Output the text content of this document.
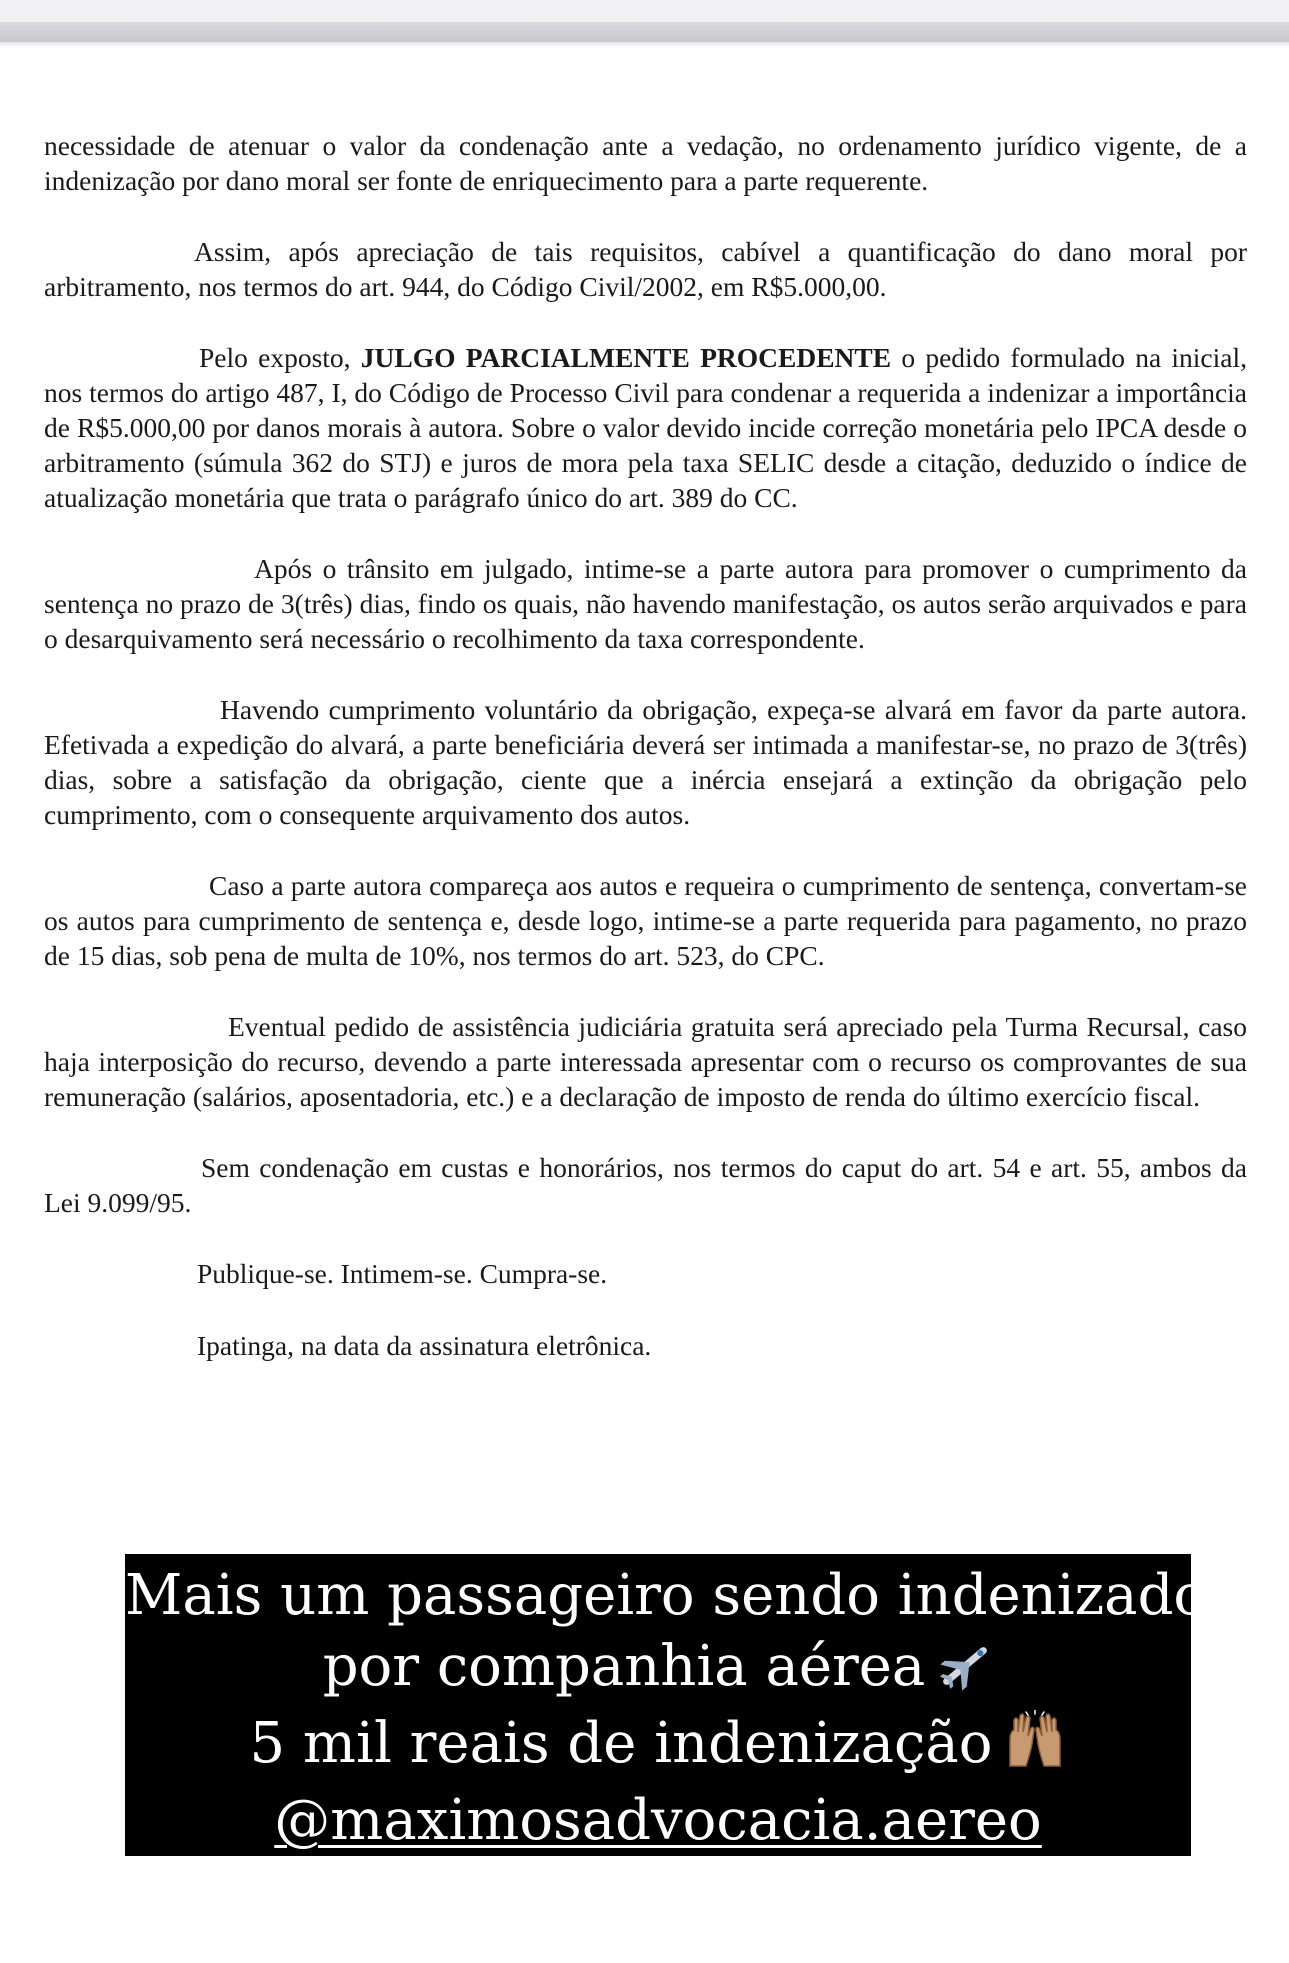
necessidade de atenuar o valor da condenação ante a vedação, no ordenamento jurídico vigente, de a indenização por dano moral ser fonte de enriquecimento para a parte requerente.

Assim, após apreciação de tais requisitos, cabível a quantificação do dano moral por arbitramento, nos termos do art. 944, do Código Civil/2002, em R$5.000,00.

Pelo exposto, JULGO PARCIALMENTE PROCEDENTE o pedido formulado na inicial, nos termos do artigo 487, I, do Código de Processo Civil para condenar a requerida a indenizar a importância de R$5.000,00 por danos morais à autora. Sobre o valor devido incide correção monetária pelo IPCA desde o arbitramento (súmula 362 do STJ) e juros de mora pela taxa SELIC desde a citação, deduzido o índice de atualização monetária que trata o parágrafo único do art. 389 do CC.

Após o trânsito em julgado, intime-se a parte autora para promover o cumprimento da sentença no prazo de 3(três) dias, findo os quais, não havendo manifestação, os autos serão arquivados e para o desarquivamento será necessário o recolhimento da taxa correspondente.

Havendo cumprimento voluntário da obrigação, expeça-se alvará em favor da parte autora. Efetivada a expedição do alvará, a parte beneficiária deverá ser intimada a manifestar-se, no prazo de 3(três) dias, sobre a satisfação da obrigação, ciente que a inércia ensejará a extinção da obrigação pelo cumprimento, com o consequente arquivamento dos autos.

Caso a parte autora compareça aos autos e requeira o cumprimento de sentença, convertam-se os autos para cumprimento de sentença e, desde logo, intime-se a parte requerida para pagamento, no prazo de 15 dias, sob pena de multa de 10%, nos termos do art. 523, do CPC.

Eventual pedido de assistência judiciária gratuita será apreciado pela Turma Recursal, caso haja interposição do recurso, devendo a parte interessada apresentar com o recurso os comprovantes de sua remuneração (salários, aposentadoria, etc.) e a declaração de imposto de renda do último exercício fiscal.

Sem condenação em custas e honorários, nos termos do caput do art. 54 e art. 55, ambos da Lei 9.099/95.

Publique-se. Intimem-se. Cumpra-se.

Ipatinga, na data da assinatura eletrônica.

Mais um passageiro sendo indenizado
por companhia aérea
5 mil reais de indenização
@maximosadvocacia.aereo
